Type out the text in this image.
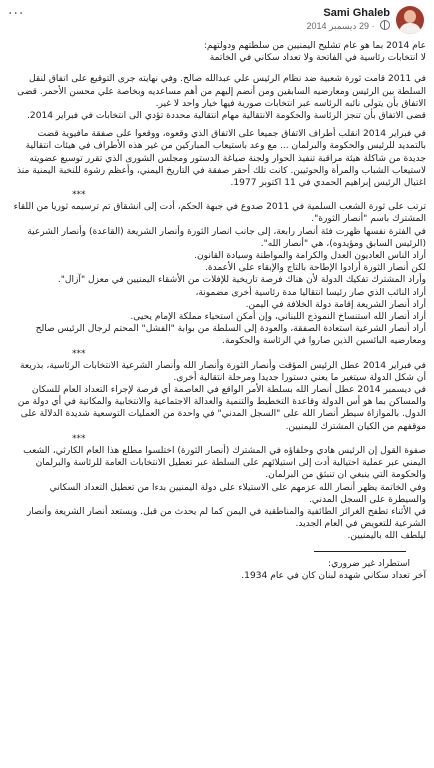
Sami Ghaleb
· 29 ديسمبر 2014
···

عام 2014 بما هو عام تشليح اليمنيين من سلطتهم ودولتهم:

لا انتخابات رئاسية في الفاتحة ولا تعداد سكاني في الخاتمة

في 2011 قامت ثورة شعبية ضد نظام الرئيس علي عبدالله صالح. وفي نهايته جرى التوقيع على اتفاق لنقل السلطة بين الرئيس ومعارضيه السابقين ومن أنضم إليهم من أهم مساعديه وبخاصة علي محسن الأحمر. قضى الاتفاق بأن يتولى نائبه الرئاسه عبر انتخابات صورية فيها خيار واحد لا غير.

قضى الاتفاق بأن تنجز الرئاسة والحكومة الانتقالية مهام انتقالية محددة تؤدي الى انتخابات في فبراير 2014.

في فبراير 2014 انقلب أطراف الاتفاق جميعا على الاتفاق الذي وقعوه، ووقعوا على صفقة مافيوية قضت بالتمديد للرئيس والحكومة والبرلمان ... مع وعد باستيعاب المباركين من غير هذه الأطراف في هيئات انتقالية جديدة من شاكلة هيئة مراقبة تنفيذ الحوار ولجنة صياغة الدستور ومجلس الشورى الذي تقرر توسيع عضويته لاستيعاب الشباب والمرأة والحوثيين. كانت تلك أحقر صفقة في التاريخ اليمني، وأعظم رشوة للنخبة اليمنية منذ اغتيال الرئيس إبراهيم الحمدي في 11 اكتوبر 1977.

***

ترتب على ثورة الشعب السلمية في 2011 صدوع في جبهة الحكم، أدت إلى انشقاق تم ترسيمه ثوريا من اللقاء المشترك باسم "أنصار الثورة".

في الفترة نفسها ظهرت فئة أنصار رابعة، إلى جانب انصار الثورة وأنصار الشريعة (القاعدة) وأنصار الشرعية (الرئيس السابق ومؤيدوه)، هي "أنصار الله".

أراد الناس العاديون العدل والكرامة والمواطنة وسيادة القانون.

لكن أنصار الثورة أرادوا الإطاحة بالتاج والإبقاء على الأعمدة.

وأراد المشترك تفكيك الدولة لأن هناك فرصة تاريخية للإفلات من الأشقاء اليمنيين في معزل "آزال".

أراد النائب الذي صار رئيسا انتقاليا مدة رئاسية أخرى مضمونة،

أراد أنصار الشريعة إقامة دولة الخلافة في اليمن.

أراد أنصار الله استنساخ النموذج اللبناني، وإن أمكن استحياء مملكة الإمام يحيى.

أراد أنصار الشرعية استعادة الصفقة، والعودة إلى السلطة من بوابة "الفشل" المحتم لرجال الرئيس صالح ومعارضيه البائسين الذين صاروا في الرئاسة والحكومة.

***

في فبراير 2014 عطل الرئيس المؤقت وأنصار الثورة وأنصار الله وأنصار الشرعية الانتخابات الرئاسية، بذريعة أن شكل الدولة سيتغير ما يعني دستورا جديدا ومرحلة انتقالية أخرى.

في ديسمبر 2014 عطل أنصار الله بسلطة الأمر الواقع في العاصمة أي فرصة لإجراء التعداد العام للسكان والمساكن بما هو أس الدولة وقاعدة التخطيط والتنمية والعدالة الاجتماعية والانتخابية والمكانية في أي دولة من الدول. بالموازاة سيطر أنصار الله على "السجل المدني" في واحدة من العمليات التوسعية شديدة الدلالة على موقفهم من الكيان المشترك لليمنيين.

***

صفوة القول إن الرئيس هادي وحلفاؤه في المشترك (أنصار الثورة) اختلسوا مطلع هذا العام الكارثي، الشعب اليمني عبر عملية احتيالية أدت إلى استيلائهم على السلطة عبر تعطيل الانتخابات العامة للرئاسة والبرلمان والحكومة التي ينبغي ان تنبثق من البرلمان.

وفي الخاتمة يظهر أنصار الله عزمهم على الاستيلاء على دولة اليمنيين بدءا من تعطيل التعداد السكاني والسيطرة على السجل المدني.

في الأثناء تطفح الغرائز الطائفية والمناطقية في اليمن كما لم يحدث من قبل. ويستعد أنصار الشريعة وأنصار الشرعية للتعويض في العام الجديد.

ليلطف الله باليمنيين.

استطراد غير ضروري:

آخر تعداد سكاني شهده لبنان كان في عام 1934.
